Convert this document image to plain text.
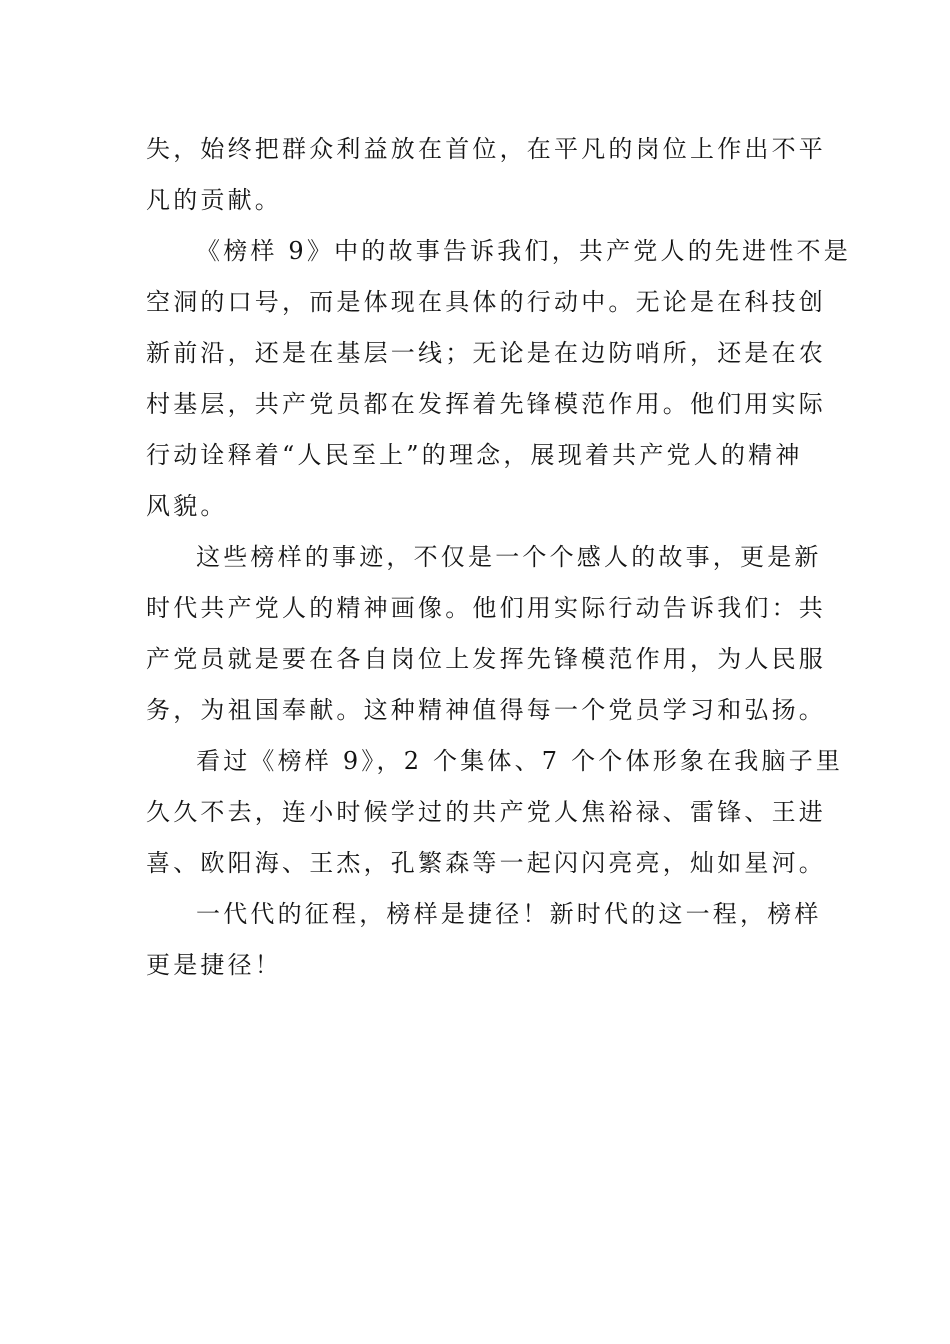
失，始终把群众利益放在首位，在平凡的岗位上作出不平
凡的贡献。
《榜样 9》中的故事告诉我们，共产党人的先进性不是
空洞的口号，而是体现在具体的行动中。无论是在科技创
新前沿，还是在基层一线；无论是在边防哨所，还是在农
村基层，共产党员都在发挥着先锋模范作用。他们用实际
行动诠释着“人民至上”的理念，展现着共产党人的精神
风貌。
这些榜样的事迹，不仅是一个个感人的故事，更是新
时代共产党人的精神画像。他们用实际行动告诉我们：共
产党员就是要在各自岗位上发挥先锋模范作用，为人民服
务，为祖国奉献。这种精神值得每一个党员学习和弘扬。
看过《榜样 9》，2 个集体、7 个个体形象在我脑子里
久久不去，连小时候学过的共产党人焦裕禄、雷锋、王进
喜、欧阳海、王杰，孔繁森等一起闪闪亮亮，灿如星河。
一代代的征程，榜样是捷径！新时代的这一程，榜样
更是捷径！
